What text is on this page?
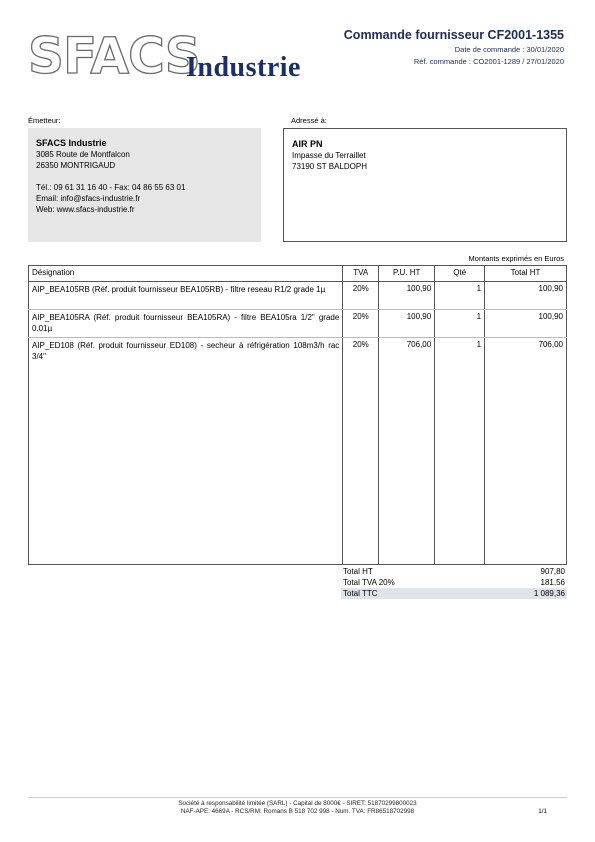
SFACS
Industrie
Commande fournisseur CF2001-1355
Date de commande : 30/01/2020
Réf. commande : CO2001-1289 / 27/01/2020
Émetteur:	Adressé à:
SFACS Industrie
3085 Route de Montfalcon
26350 MONTRIGAUD
Tél.: 09 61 31 16 40 - Fax: 04 86 55 63 01
Email: info@sfacs-industrie.fr
Web: www.sfacs-industrie.fr
AIR PN
Impasse du Terraillet
73190 ST BALDOPH
Montants exprimés en Euros
Désignation	TVA	P.U. HT	Qté	Total HT
AIP_BEA105RB (Réf. produit fournisseur BEA105RB) - filtre reseau R1/2 grade 1µ	20%	100,90	1	100,90
AIP_BEA105RA (Réf. produit fournisseur BEA105RA) - filtre BEA105ra 1/2" grade 0.01µ	20%	100,90	1	100,90
AIP_ED108 (Réf. produit fournisseur ED108) - secheur à réfrigération 108m3/h rac 3/4"	20%	706,00	1	706,00
Total HT	907,80
Total TVA 20%	181,56
Total TTC	1 089,36
Société à responsabilité limitée (SARL) - Capital de 8000€ - SIRET: 51870299800023
NAF-APE: 4669A - RCS/RM: Romans B 518 702 998 - Num. TVA: FR86518702998	1/1
